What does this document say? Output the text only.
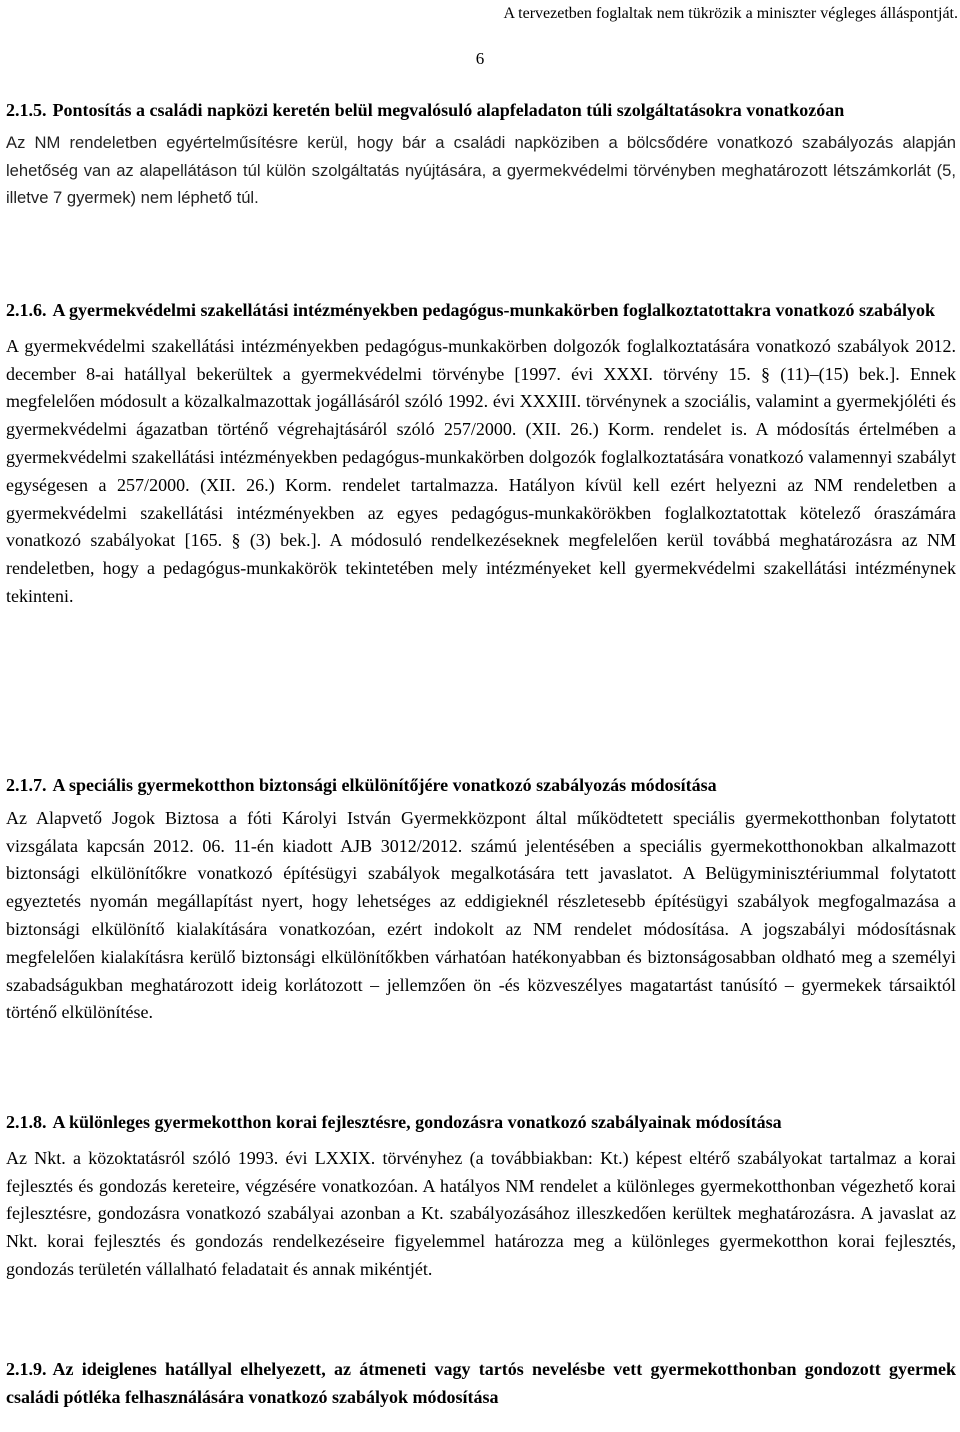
A tervezetben foglaltak nem tükrözik a miniszter végleges álláspontját.
6

2.1.5. Pontosítás a családi napközi keretén belül megvalósuló alapfeladaton túli szolgáltatásokra vonatkozóan

Az NM rendeletben egyértelműsítésre kerül, hogy bár a családi napköziben a bölcsődére vonatkozó szabályozás alapján lehetőség van az alapellátáson túl külön szolgáltatás nyújtására, a gyermekvédelmi törvényben meghatározott létszámkorlát (5, illetve 7 gyermek) nem léphető túl.

2.1.6. A gyermekvédelmi szakellátási intézményekben pedagógus-munkakörben foglalkoztatottakra vonatkozó szabályok

A gyermekvédelmi szakellátási intézményekben pedagógus-munkakörben dolgozók foglalkoztatására vonatkozó szabályok 2012. december 8-ai hatállyal bekerültek a gyermekvédelmi törvénybe [1997. évi XXXI. törvény 15. § (11)–(15) bek.]. Ennek megfelelően módosult a közalkalmazottak jogállásáról szóló 1992. évi XXXIII. törvénynek a szociális, valamint a gyermekjóléti és gyermekvédelmi ágazatban történő végrehajtásáról szóló 257/2000. (XII. 26.) Korm. rendelet is. A módosítás értelmében a gyermekvédelmi szakellátási intézményekben pedagógus-munkakörben dolgozók foglalkoztatására vonatkozó valamennyi szabályt egységesen a 257/2000. (XII. 26.) Korm. rendelet tartalmazza. Hatályon kívül kell ezért helyezni az NM rendeletben a gyermekvédelmi szakellátási intézményekben az egyes pedagógus-munkakörökben foglalkoztatottak kötelező óraszámára vonatkozó szabályokat [165. § (3) bek.]. A módosuló rendelkezéseknek megfelelően kerül továbbá meghatározásra az NM rendeletben, hogy a pedagógus-munkakörök tekintetében mely intézményeket kell gyermekvédelmi szakellátási intézménynek tekinteni.

2.1.7. A speciális gyermekotthon biztonsági elkülönítőjére vonatkozó szabályozás módosítása

Az Alapvető Jogok Biztosa a fóti Károlyi István Gyermekközpont által működtetett speciális gyermekotthonban folytatott vizsgálata kapcsán 2012. 06. 11-én kiadott AJB 3012/2012. számú jelentésében a speciális gyermekotthonokban alkalmazott biztonsági elkülönítőkre vonatkozó építésügyi szabályok megalkotására tett javaslatot. A Belügyminisztériummal folytatott egyeztetés nyomán megállapítást nyert, hogy lehetséges az eddigieknél részletesebb építésügyi szabályok megfogalmazása a biztonsági elkülönítő kialakítására vonatkozóan, ezért indokolt az NM rendelet módosítása. A jogszabályi módosításnak megfelelően kialakításra kerülő biztonsági elkülönítőkben várhatóan hatékonyabban és biztonságosabban oldható meg a személyi szabadságukban meghatározott ideig korlátozott – jellemzően ön -és közveszélyes magatartást tanúsító – gyermekek társaiktól történő elkülönítése.

2.1.8. A különleges gyermekotthon korai fejlesztésre, gondozásra vonatkozó szabályainak módosítása

Az Nkt. a közoktatásról szóló 1993. évi LXXIX. törvényhez (a továbbiakban: Kt.) képest eltérő szabályokat tartalmaz a korai fejlesztés és gondozás kereteire, végzésére vonatkozóan. A hatályos NM rendelet a különleges gyermekotthonban végezhető korai fejlesztésre, gondozásra vonatkozó szabályai azonban a Kt. szabályozásához illeszkedően kerültek meghatározásra. A javaslat az Nkt. korai fejlesztés és gondozás rendelkezéseire figyelemmel határozza meg a különleges gyermekotthon korai fejlesztés, gondozás területén vállalható feladatait és annak mikéntjét.

2.1.9. Az ideiglenes hatállyal elhelyezett, az átmeneti vagy tartós nevelésbe vett gyermekotthonban gondozott gyermek családi pótléka felhasználására vonatkozó szabályok módosítása
